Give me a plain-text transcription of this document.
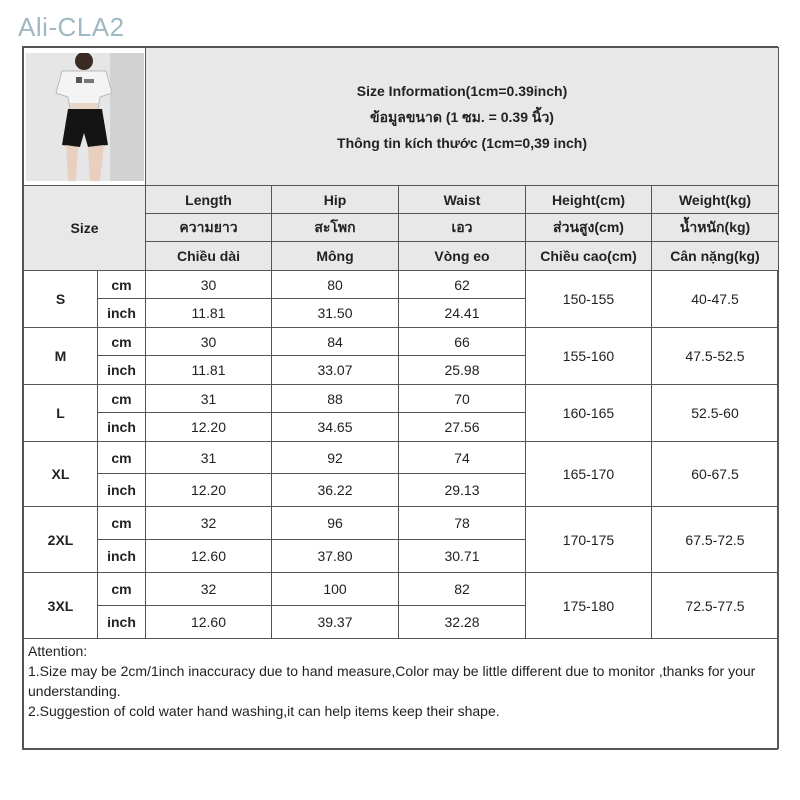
Ali-CLA2

Size Information(1cm=0.39inch)
ข้อมูลขนาด (1 ซม. = 0.39 นิ้ว)
Thông tin kích thước (1cm=0,39 inch)				

Size		Length	Hip	Waist	Height(cm)	Weight(kg)
		ความยาว	สะโพก	เอว	ส่วนสูง(cm)	น้ำหนัก(kg)
		Chiều dài	Mông	Vòng eo	Chiều cao(cm)	Cân nặng(kg)
S	cm	30	80	62	150-155	40-47.5
	inch	11.81	31.50	24.41		
M	cm	30	84	66	155-160	47.5-52.5
	inch	11.81	33.07	25.98		
L	cm	31	88	70	160-165	52.5-60
	inch	12.20	34.65	27.56		
XL	cm	31	92	74	165-170	60-67.5
	inch	12.20	36.22	29.13		
2XL	cm	32	96	78	170-175	67.5-72.5
	inch	12.60	37.80	30.71		
3XL	cm	32	100	82	175-180	72.5-77.5
	inch	12.60	39.37	32.28		

Attention:
1.Size may be 2cm/1inch inaccuracy due to hand measure,Color may be little different due to monitor ,thanks for your understanding.
2.Suggestion of cold water hand washing,it can help items keep their shape.						
